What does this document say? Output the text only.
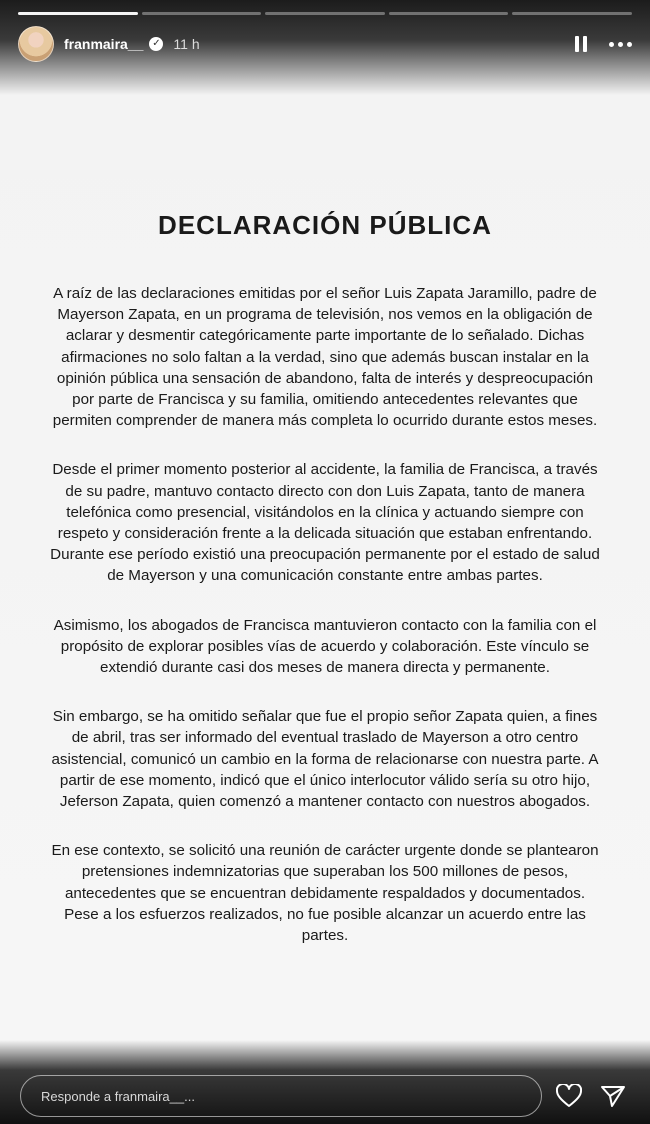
franmaira__ ✓ 11 h
DECLARACIÓN PÚBLICA

A raíz de las declaraciones emitidas por el señor Luis Zapata Jaramillo, padre de Mayerson Zapata, en un programa de televisión, nos vemos en la obligación de aclarar y desmentir categóricamente parte importante de lo señalado. Dichas afirmaciones no solo faltan a la verdad, sino que además buscan instalar en la opinión pública una sensación de abandono, falta de interés y despreocupación por parte de Francisca y su familia, omitiendo antecedentes relevantes que permiten comprender de manera más completa lo ocurrido durante estos meses.

Desde el primer momento posterior al accidente, la familia de Francisca, a través de su padre, mantuvo contacto directo con don Luis Zapata, tanto de manera telefónica como presencial, visitándolos en la clínica y actuando siempre con respeto y consideración frente a la delicada situación que estaban enfrentando. Durante ese período existió una preocupación permanente por el estado de salud de Mayerson y una comunicación constante entre ambas partes.

Asimismo, los abogados de Francisca mantuvieron contacto con la familia con el propósito de explorar posibles vías de acuerdo y colaboración. Este vínculo se extendió durante casi dos meses de manera directa y permanente.

Sin embargo, se ha omitido señalar que fue el propio señor Zapata quien, a fines de abril, tras ser informado del eventual traslado de Mayerson a otro centro asistencial, comunicó un cambio en la forma de relacionarse con nuestra parte. A partir de ese momento, indicó que el único interlocutor válido sería su otro hijo, Jeferson Zapata, quien comenzó a mantener contacto con nuestros abogados.

En ese contexto, se solicitó una reunión de carácter urgente donde se plantearon pretensiones indemnizatorias que superaban los 500 millones de pesos, antecedentes que se encuentran debidamente respaldados y documentados. Pese a los esfuerzos realizados, no fue posible alcanzar un acuerdo entre las partes.

Responde a franmaira__...
